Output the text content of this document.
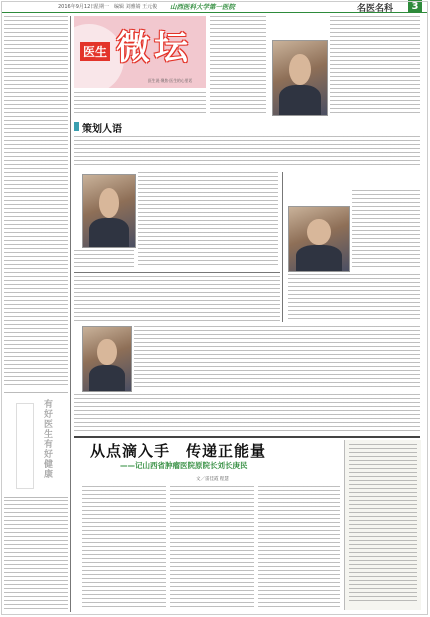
2016年9月12日
星期一 编辑 刘雅婧 王元俊 山西医科大学第一医院	名医名科	3
有好医生有好健康
医生 微坛
医生说·聚焦·医生的心里话
策划人语
从点滴入手　传递正能量
——记山西省肿瘤医院原院长刘长庚民
文／雷佳霞 程慧
